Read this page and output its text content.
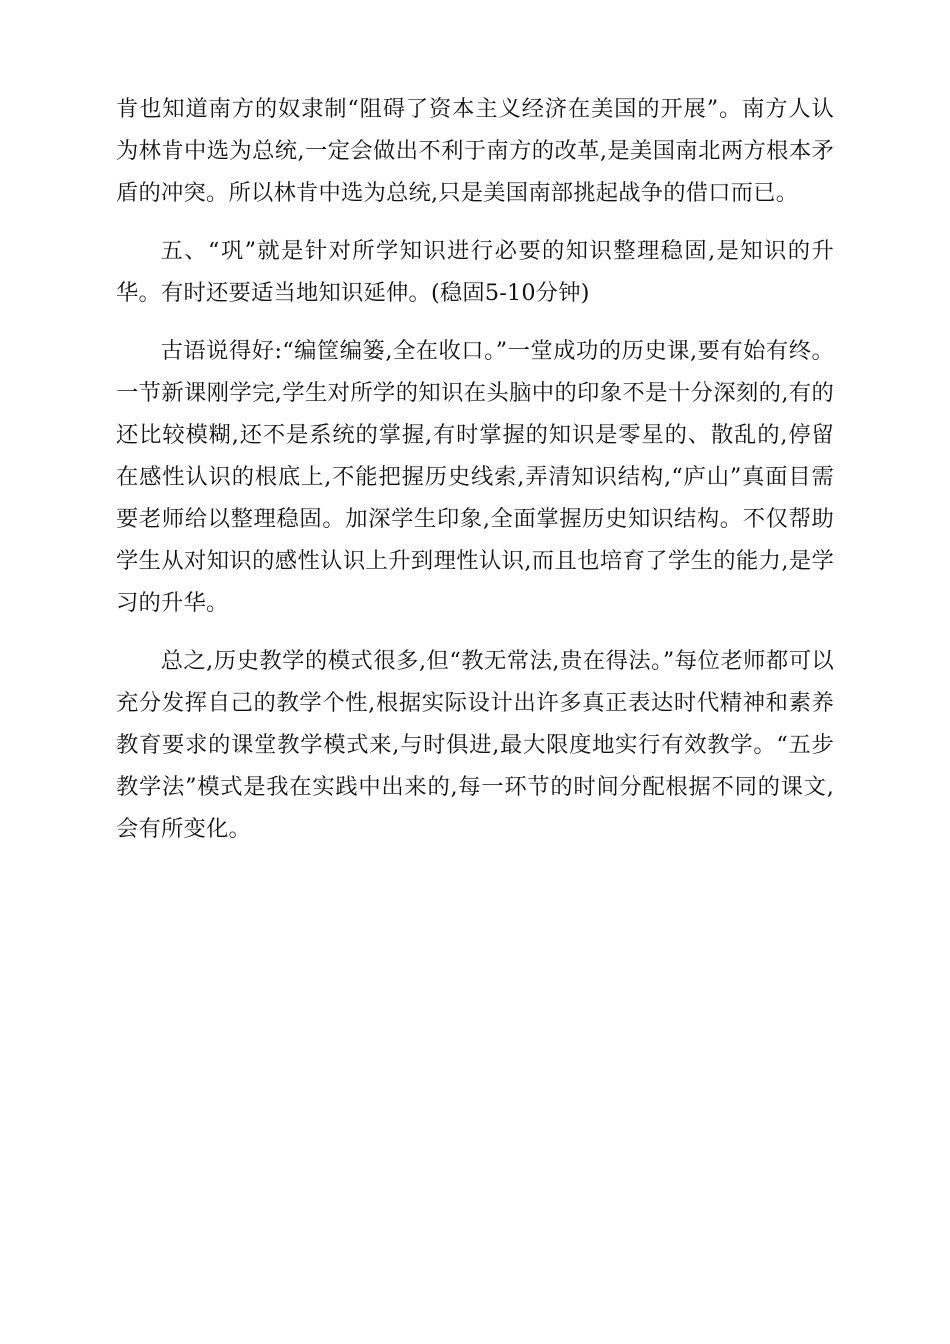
肯也知道南方的奴隶制“阻碍了资本主义经济在美国的开展”。南方人认为林肯中选为总统,一定会做出不利于南方的改革,是美国南北两方根本矛盾的冲突。所以林肯中选为总统,只是美国南部挑起战争的借口而已。

五、“巩”就是针对所学知识进行必要的知识整理稳固,是知识的升华。有时还要适当地知识延伸。(稳固5-10分钟)

古语说得好:“编筐编篓,全在收口。”一堂成功的历史课,要有始有终。一节新课刚学完,学生对所学的知识在头脑中的印象不是十分深刻的,有的还比较模糊,还不是系统的掌握,有时掌握的知识是零星的、散乱的,停留在感性认识的根底上,不能把握历史线索,弄清知识结构,“庐山”真面目需要老师给以整理稳固。加深学生印象,全面掌握历史知识结构。不仅帮助学生从对知识的感性认识上升到理性认识,而且也培育了学生的能力,是学习的升华。

总之,历史教学的模式很多,但“教无常法,贵在得法。”每位老师都可以充分发挥自己的教学个性,根据实际设计出许多真正表达时代精神和素养教育要求的课堂教学模式来,与时俱进,最大限度地实行有效教学。“五步教学法”模式是我在实践中出来的,每一环节的时间分配根据不同的课文,会有所变化。
